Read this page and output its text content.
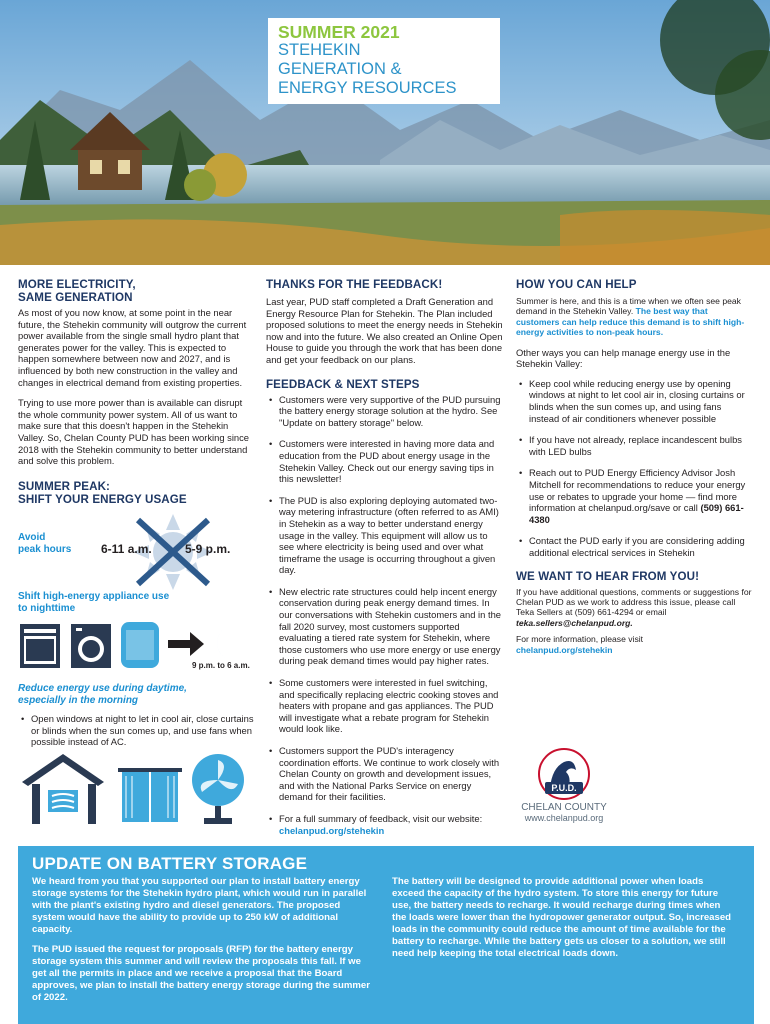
SUMMER 2021
STEHEKIN
GENERATION &
ENERGY RESOURCES
MORE ELECTRICITY,
SAME GENERATION

As most of you now know, at some point in the near future, the Stehekin community will outgrow the current power available from the single small hydro plant that generates power for the valley. This is expected to happen somewhere between now and 2027, and is influenced by both new construction in the valley and changes in electrical demand from existing properties.

Trying to use more power than is available can disrupt the whole community power system. All of us want to make sure that this doesn't happen in the Stehekin Valley. So, Chelan County PUD has been working since 2018 with the Stehekin community to better understand and solve this problem.

SUMMER PEAK:
SHIFT YOUR ENERGY USAGE
Avoid
peak hours 6-11 a.m.	5-9 p.m.

Shift high-energy appliance use
to nighttime

9 p.m. to 6 a.m.

Reduce energy use during daytime,
especially in the morning

• Open windows at night to let in cool air, close curtains or blinds when the sun comes up, and use fans when possible instead of AC.
THANKS FOR THE FEEDBACK!

Last year, PUD staff completed a Draft Generation and Energy Resource Plan for Stehekin. The Plan included proposed solutions to meet the energy needs in Stehekin now and into the future. We also created an Online Open House to guide you through the work that has been done and get your feedback on our plans.

FEEDBACK & NEXT STEPS
• Customers were very supportive of the PUD pursuing the battery energy storage solution at the hydro. See "Update on battery storage" below.
• Customers were interested in having more data and education from the PUD about energy usage in the Stehekin Valley. Check out our energy saving tips in this newsletter!
• The PUD is also exploring deploying automated two-way metering infrastructure (often referred to as AMI) in Stehekin as a way to better understand energy usage in the valley. This equipment will allow us to see where electricity is being used and over what timeframe the usage is occurring throughout a given day.
• New electric rate structures could help incent energy conservation during peak energy demand times. In our conversations with Stehekin customers and in the fall 2020 survey, most customers supported evaluating a tiered rate system for Stehekin, where those customers who use more energy or use energy during peak demand times would pay higher rates.
• Some customers were interested in fuel switching, and specifically replacing electric cooking stoves and heaters with propane and gas appliances. The PUD will investigate what a rebate program for Stehekin would look like.
• Customers support the PUD's interagency coordination efforts. We continue to work closely with Chelan County on growth and development issues, and with the National Parks Service on energy demand for their facilities.
• For a full summary of feedback, visit our website: chelanpud.org/stehekin
HOW YOU CAN HELP

Summer is here, and this is a time when we often see peak demand in the Stehekin Valley. The best way that customers can help reduce this demand is to shift high-energy activities to non-peak hours.

Other ways you can help manage energy use in the Stehekin Valley:

• Keep cool while reducing energy use by opening windows at night to let cool air in, closing curtains or blinds when the sun comes up, and using fans instead of air conditioners whenever possible
• If you have not already, replace incandescent bulbs with LED bulbs
• Reach out to PUD Energy Efficiency Advisor Josh Mitchell for recommendations to reduce your energy use or rebates to upgrade your home — find more information at chelanpud.org/save or call (509) 661-4380
• Contact the PUD early if you are considering adding additional electrical services in Stehekin
WE WANT TO HEAR FROM YOU!

If you have additional questions, comments or suggestions for Chelan PUD as we work to address this issue, please call Teka Sellers at (509) 661-4294 or email teka.sellers@chelanpud.org.

For more information, please visit

chelanpud.org/stehekin

P.U.D.
CHELAN COUNTY
www.chelanpud.org
UPDATE ON BATTERY STORAGE

We heard from you that you supported our plan to install battery energy storage systems for the Stehekin hydro plant, which would run in parallel with the plant's existing hydro and diesel generators. The proposed system would have the ability to provide up to 250 kW of additional capacity.

The PUD issued the request for proposals (RFP) for the battery energy storage system this summer and will review the proposals this fall. If we get all the permits in place and we receive a proposal that the Board approves, we plan to install the battery energy storage during the summer of 2022.

The battery will be designed to provide additional power when loads exceed the capacity of the hydro system. To store this energy for future use, the battery needs to recharge. It would recharge during times when the loads were lower than the hydropower generator output. So, increased loads in the community could reduce the amount of time available for the battery to recharge. While the battery gets us closer to a solution, we still need help keeping the total electrical loads down.
